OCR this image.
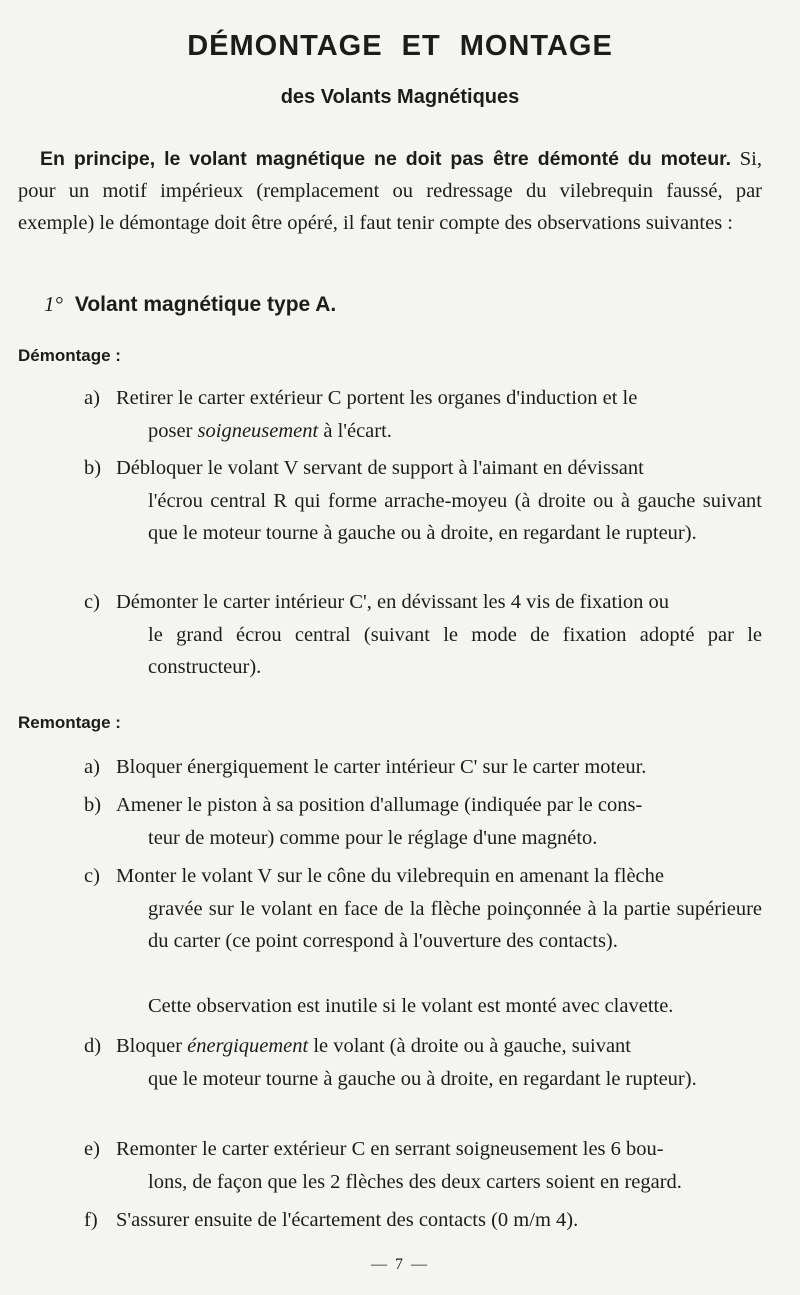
DÉMONTAGE ET MONTAGE
des Volants Magnétiques

En principe, le volant magnétique ne doit pas être démonté du moteur. Si, pour un motif impérieux (remplacement ou redressage du vilebrequin faussé, par exemple) le démontage doit être opéré, il faut tenir compte des observations suivantes :

1° Volant magnétique type A.
Démontage :
a) Retirer le carter extérieur C portent les organes d'induction et le
poser soigneusement à l'écart.
b) Débloquer le volant V servant de support à l'aimant en dévissant
l'écrou central R qui forme arrache-moyeu (à droite ou à gauche suivant que le moteur tourne à gauche ou à droite, en regardant le rupteur).
c) Démonter le carter intérieur C', en dévissant les 4 vis de fixation ou
le grand écrou central (suivant le mode de fixation adopté par le constructeur).
Remontage :
a) Bloquer énergiquement le carter intérieur C' sur le carter moteur.
b) Amener le piston à sa position d'allumage (indiquée par le cons-
teur de moteur) comme pour le réglage d'une magnéto.
c) Monter le volant V sur le cône du vilebrequin en amenant la flèche
gravée sur le volant en face de la flèche poinçonnée à la partie supérieure du carter (ce point correspond à l'ouverture des contacts).
Cette observation est inutile si le volant est monté avec clavette.
d) Bloquer énergiquement le volant (à droite ou à gauche, suivant
que le moteur tourne à gauche ou à droite, en regardant le rupteur).
e) Remonter le carter extérieur C en serrant soigneusement les 6 bou-
lons, de façon que les 2 flèches des deux carters soient en regard.
f) S'assurer ensuite de l'écartement des contacts (0 m/m 4).
— 7 —
